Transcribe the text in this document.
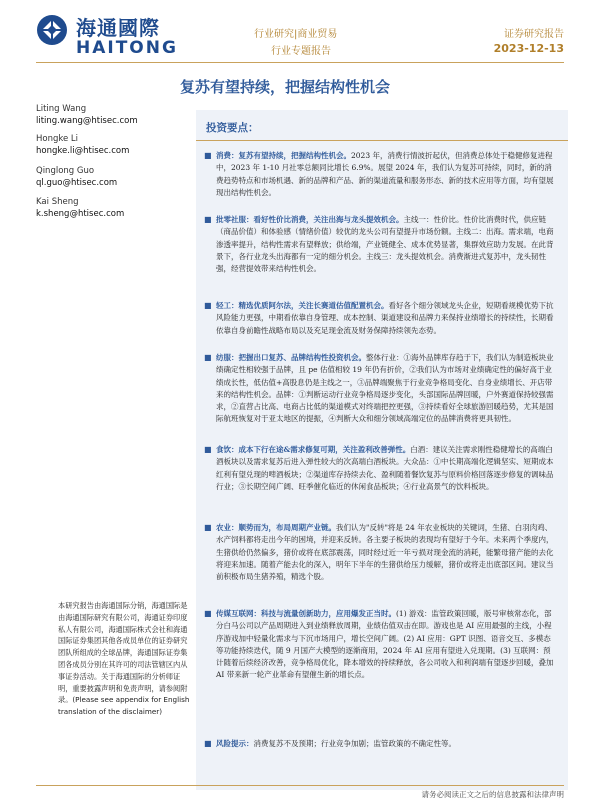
海通國際
HAITONG
行业研究|商业贸易
行业专题报告
证券研究报告
2023-12-13
复苏有望持续，把握结构性机会
Liting Wang
liting.wang@htisec.com
Hongke Li
hongke.li@htisec.com
Qinglong Guo
ql.guo@htisec.com
Kai Sheng
k.sheng@htisec.com
本研究报告由海通国际分销，海通国际是由海通国际研究有限公司，海通证券印度私人有限公司，海通国际株式会社和海通国际证券集团其他各成员单位的证券研究团队所组成的全球品牌，海通国际证券集团各成员分别在其许可的司法管辖区内从事证券活动。关于海通国际的分析师证明，重要披露声明和免责声明，请参阅附录。(Please see appendix for English translation of the disclaimer)
投资要点：
■ 消费：复苏有望持续，把握结构性机会。2023 年，消费行情波折起伏，但消费总体处于稳健修复进程中，2023 年 1-10 月社零总额同比增长 6.9%。展望 2024 年，我们认为复苏可持续，同时，新的消费趋势特点和市场机遇、新的品牌和产品、新的渠道流量和服务形态、新的技术应用等方面，均有望展现出结构性机会。
■ 批零社服：看好性价比消费，关注出海与龙头提效机会。主线一：性价比。性价比消费时代，供应链（商品价值）和体验感（情绪价值）较优的龙头公司有望提升市场份额。主线二：出海。需求端，电商渗透率提升，结构性需求有望释放；供给端，产业链健全、成本优势显著，集群效应助力发展。在此背景下，各行业龙头出海都有一定的细分机会。主线三：龙头提效机会。消费渐进式复苏中，龙头韧性强，经营提效带来结构性机会。
■ 轻工：精选优质阿尔法，关注长赛道估值配置机会。看好各个细分领域龙头企业，短期看规模优势下抗风险能力更强，中期看依靠自身管理、成本控制、渠道建设和品牌力来保持业绩增长的持续性，长期看依靠自身前瞻性战略布局以及充足现金流及财务保障持续领先态势。
■ 纺服：把握出口复苏、品牌结构性投资机会。整体行业：①海外品牌库存趋于下，我们认为制造板块业绩确定性相较强于品牌，且 pe 估值相较 19 年仍有折价，②我们认为市场对业绩确定性的偏好高于业绩成长性，低估值+高股息仍是主线之一，③品牌端聚焦于行业竞争格局变化、自身业绩增长、开店带来的结构性机会。品牌：①判断运动行业竞争格局逐步变化，头部国际品牌回暖，户外赛道保持较强需求，②直营占比高、电商占比低的渠道模式对终端把控更强，③持续看好全球旅游回暖趋势，尤其是国际航班恢复对于亚太地区的提振，④判断大众和细分领域高端定位的品牌消费将更具韧性。
■ 食饮：成本下行在途&需求修复可期，关注盈利改善弹性。白酒：建议关注需求刚性稳健增长的高端白酒板块以及需求复苏后进入弹性较大的次高端白酒板块。大众品：①中长期高端化逻辑坚实、短期成本红利有望兑现的啤酒板块；②渠道库存持续去化、盈利随着餐饮复苏与原料价格回落逐步修复的调味品行业；③长期空间广阔、旺季催化临近的休闲食品板块；④行业高景气的饮料板块。
■ 农业：顺势而为，布局周期产业链。我们认为"反转"将是 24 年农业板块的关键词，生猪、白羽肉鸡、水产饲料都将走出今年的困境，并迎来反转。各主要子板块的表现均有望好于今年。未来两个季度内，生猪供给仍然偏多，猪价或将在底部震荡，同时经过近一年亏损对现金流的消耗，能繁母猪产能的去化将迎来加速。随着产能去化的深入，明年下半年的生猪供给压力缓解，猪价或将走出底部区间。建议当前积极布局生猪养殖，精选个股。
■ 传媒互联网：科技与流量创新助力，应用爆发正当时。(1) 游戏：监管政策回暖，版号审核常态化，部分白马公司以产品周期进入到业绩释放周期，业绩估值双击在即。游戏也是 AI 应用最强的主线，小程序游戏加中轻量化需求与下沉市场用户，增长空间广阔。(2) AI 应用：GPT 识图、语音交互、多模态等功能持续迭代，随 9 月国产大模型的逐渐商用，2024 年 AI 应用有望进入兑现期。(3) 互联网：预计随着后续经济改善，竞争格局优化，降本增效的持续释放，各公司收入和利润端有望逐步回暖，叠加 AI 带来新一轮产业革命有望催生新的增长点。
■ 风险提示：消费复苏不及预期；行业竞争加剧；监管政策的不确定性等。
请务必阅读正文之后的信息披露和法律声明
